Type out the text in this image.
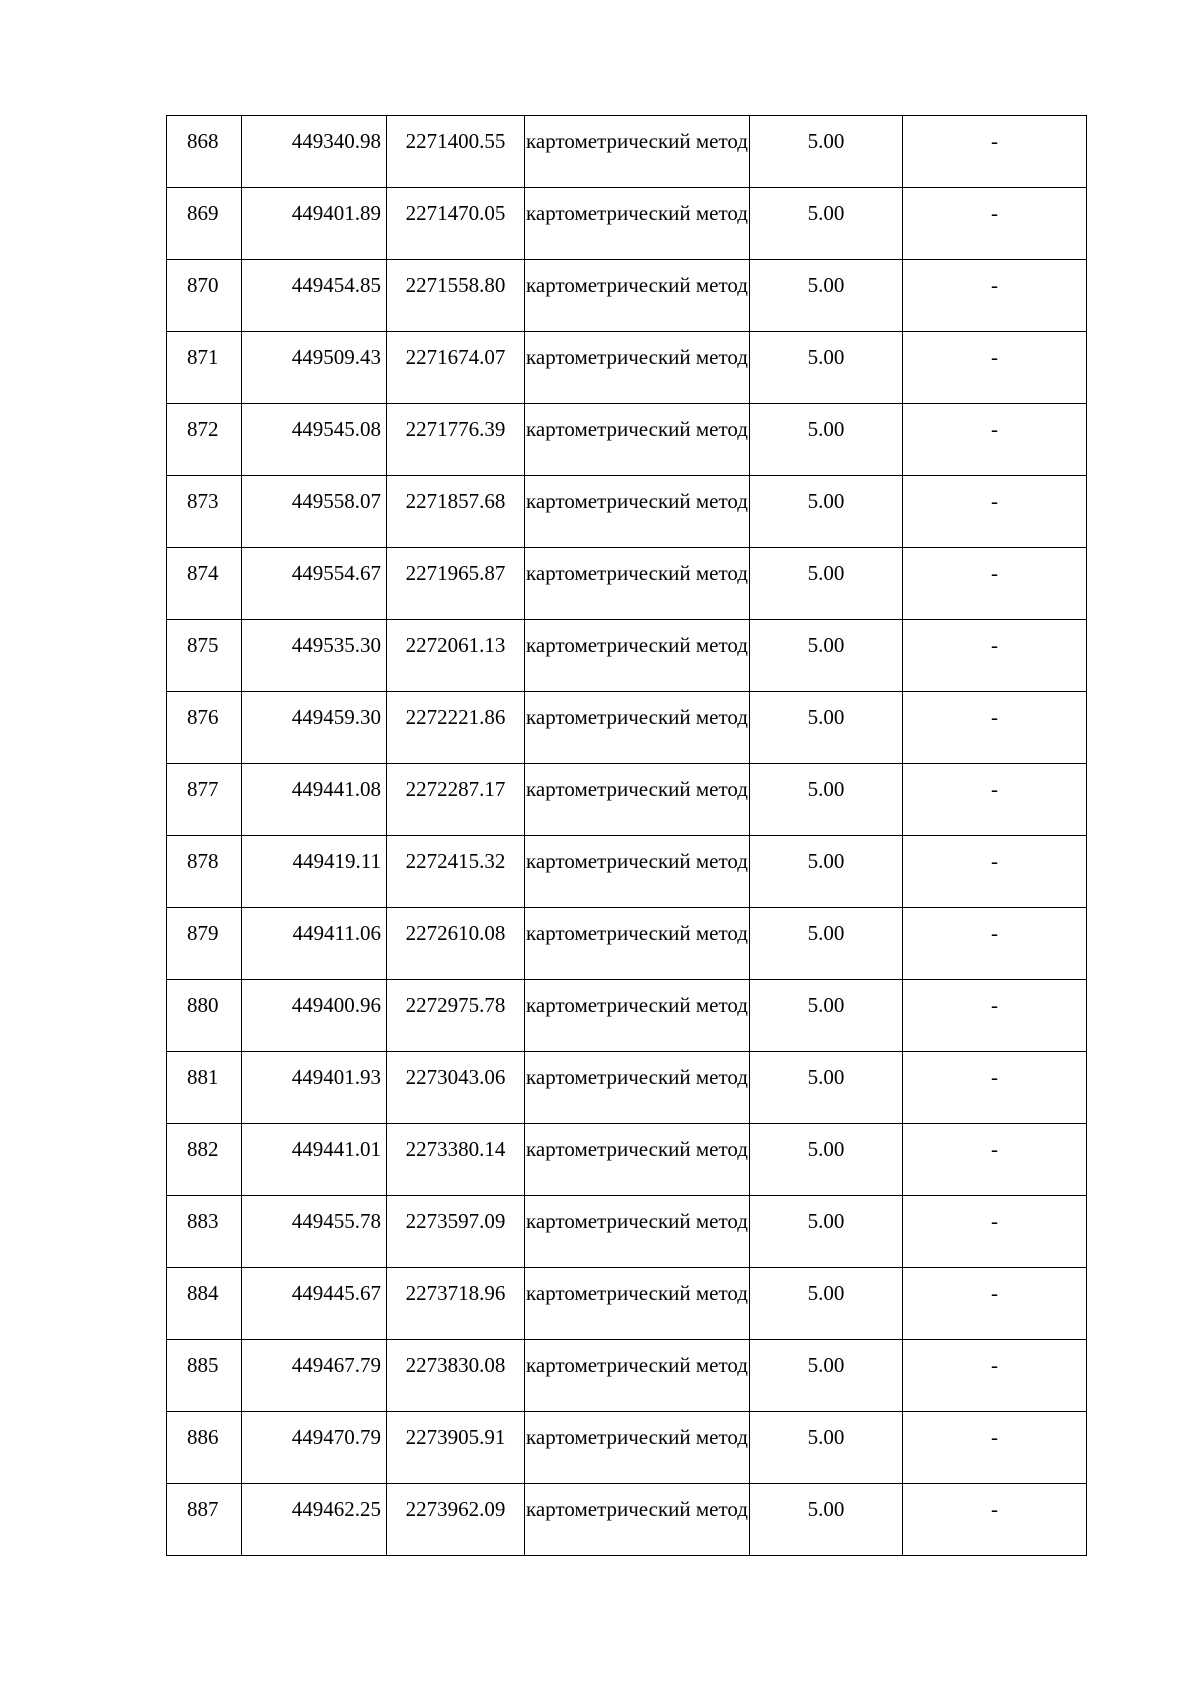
868	449340.98	2271400.55	картометрический метод	5.00	-
869	449401.89	2271470.05	картометрический метод	5.00	-
870	449454.85	2271558.80	картометрический метод	5.00	-
871	449509.43	2271674.07	картометрический метод	5.00	-
872	449545.08	2271776.39	картометрический метод	5.00	-
873	449558.07	2271857.68	картометрический метод	5.00	-
874	449554.67	2271965.87	картометрический метод	5.00	-
875	449535.30	2272061.13	картометрический метод	5.00	-
876	449459.30	2272221.86	картометрический метод	5.00	-
877	449441.08	2272287.17	картометрический метод	5.00	-
878	449419.11	2272415.32	картометрический метод	5.00	-
879	449411.06	2272610.08	картометрический метод	5.00	-
880	449400.96	2272975.78	картометрический метод	5.00	-
881	449401.93	2273043.06	картометрический метод	5.00	-
882	449441.01	2273380.14	картометрический метод	5.00	-
883	449455.78	2273597.09	картометрический метод	5.00	-
884	449445.67	2273718.96	картометрический метод	5.00	-
885	449467.79	2273830.08	картометрический метод	5.00	-
886	449470.79	2273905.91	картометрический метод	5.00	-
887	449462.25	2273962.09	картометрический метод	5.00	-
